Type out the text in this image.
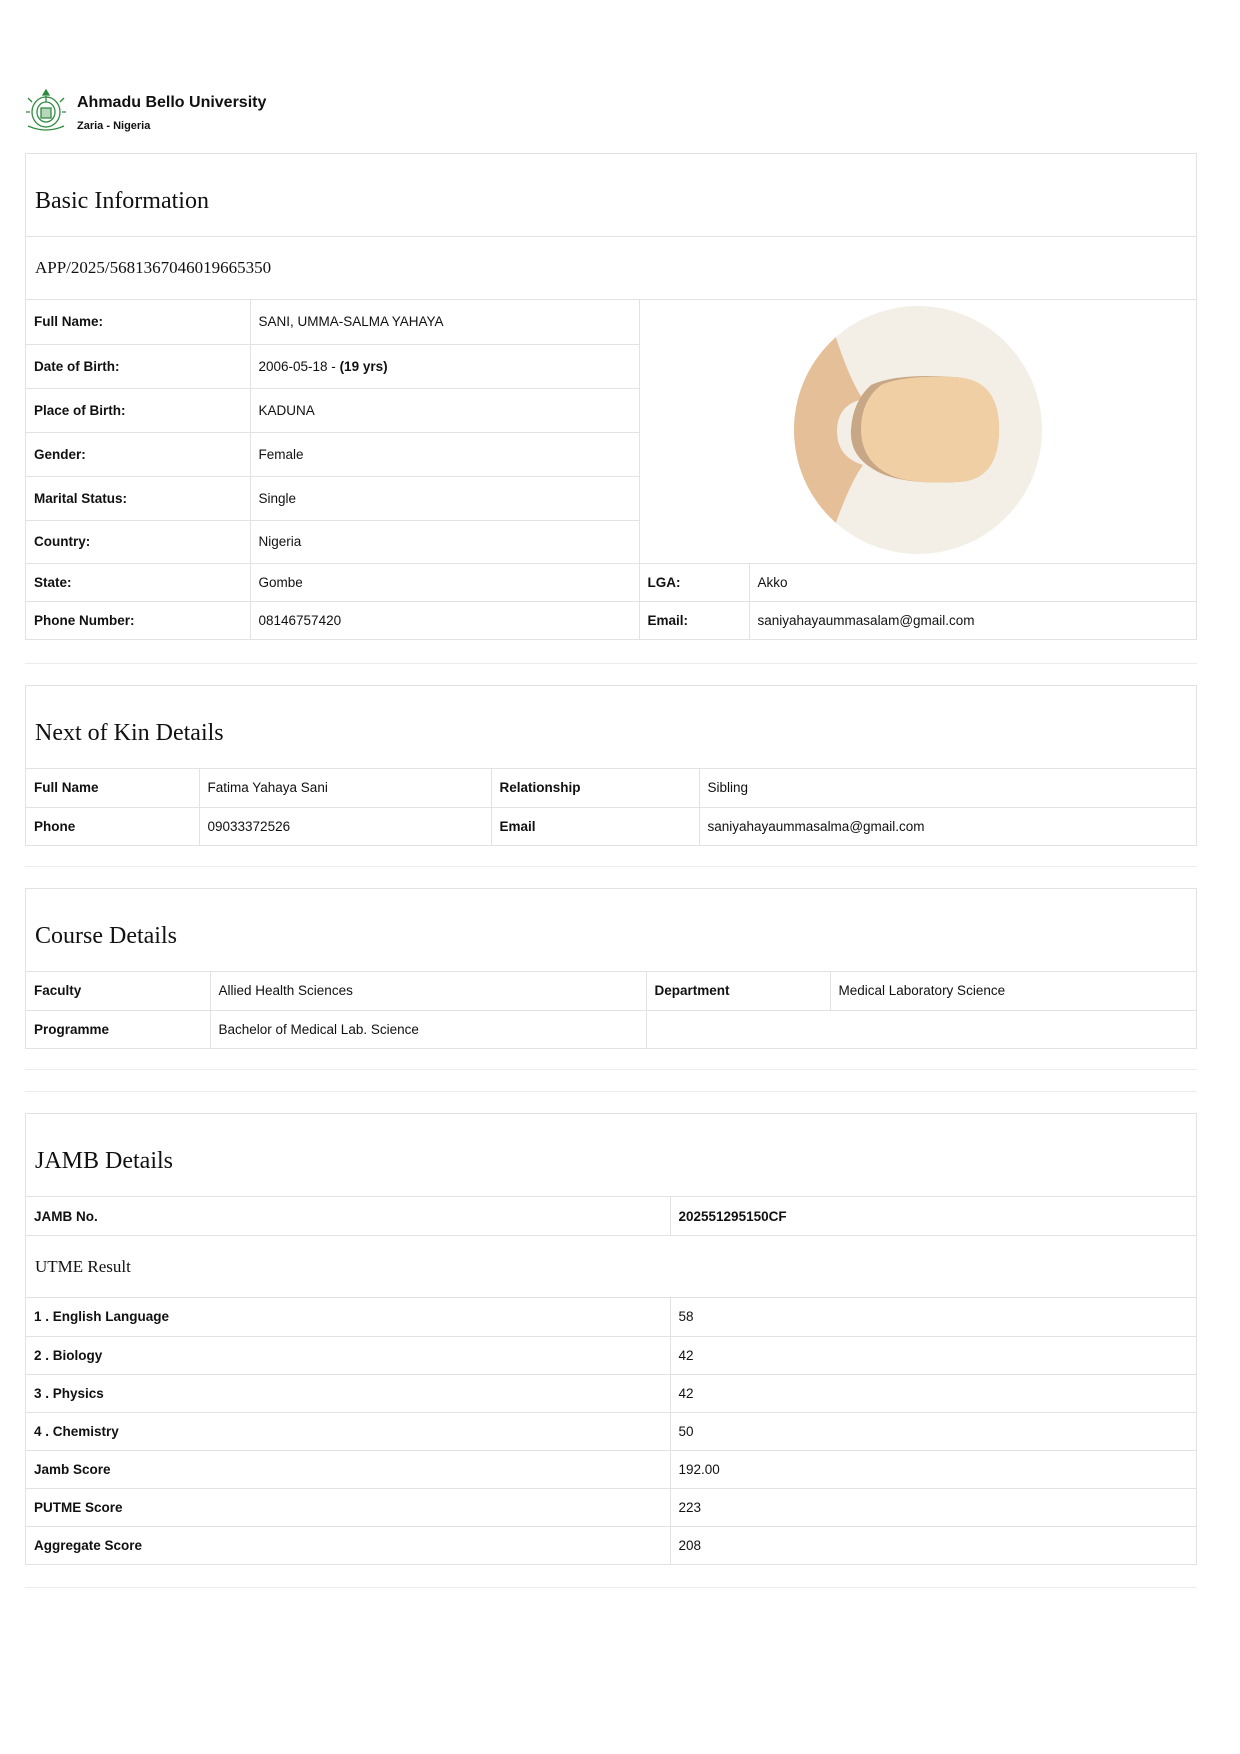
Ahmadu Bello University
Zaria - Nigeria
Basic Information
APP/2025/5681367046019665350
Full Name:	SANI, UMMA-SALMA YAHAYA	
Date of Birth:	2006-05-18 - (19 yrs)		
Place of Birth:	KADUNA		
Gender:	Female		
Marital Status:	Single		
Country:	Nigeria		
State:	Gombe	LGA:	Akko
Phone Number:	08146757420	Email:	saniyahayaummasalam@gmail.com
Next of Kin Details
Full Name	Fatima Yahaya Sani	Relationship	Sibling
Phone	09033372526	Email	saniyahayaummasalma@gmail.com
Course Details
Faculty	Allied Health Sciences	Department	Medical Laboratory Science
Programme	Bachelor of Medical Lab. Science		
JAMB Details
JAMB No.	202551295150CF
UTME Result
1 . English Language	58
2 . Biology	42
3 . Physics	42
4 . Chemistry	50
Jamb Score	192.00
PUTME Score	223
Aggregate Score	208
